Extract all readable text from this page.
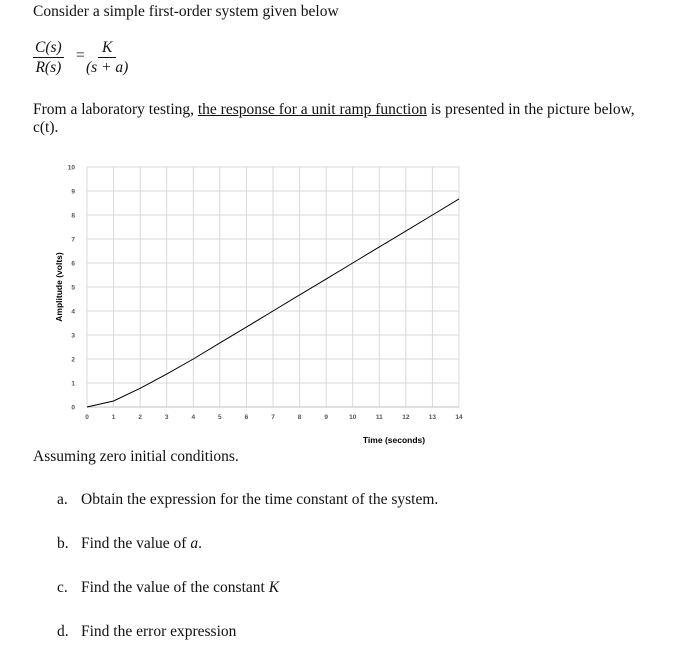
Consider a simple first-order system given below
$\frac{C(s)}{R(s)} = \frac{K}{(s + a)}$
From a laboratory testing, the response for a unit ramp function is presented in the picture below,
c(t).
0	1	2	3	4	5	6	7	8	9	10	11	12	13	14
0
1
2
3
4
5
6
7
8
9
10
Time (seconds)
Amplitude (volts)
Assuming zero initial conditions.
a. Obtain the expression for the time constant of the system.
b. Find the value of a.
c. Find the value of the constant K
d. Find the error expression
